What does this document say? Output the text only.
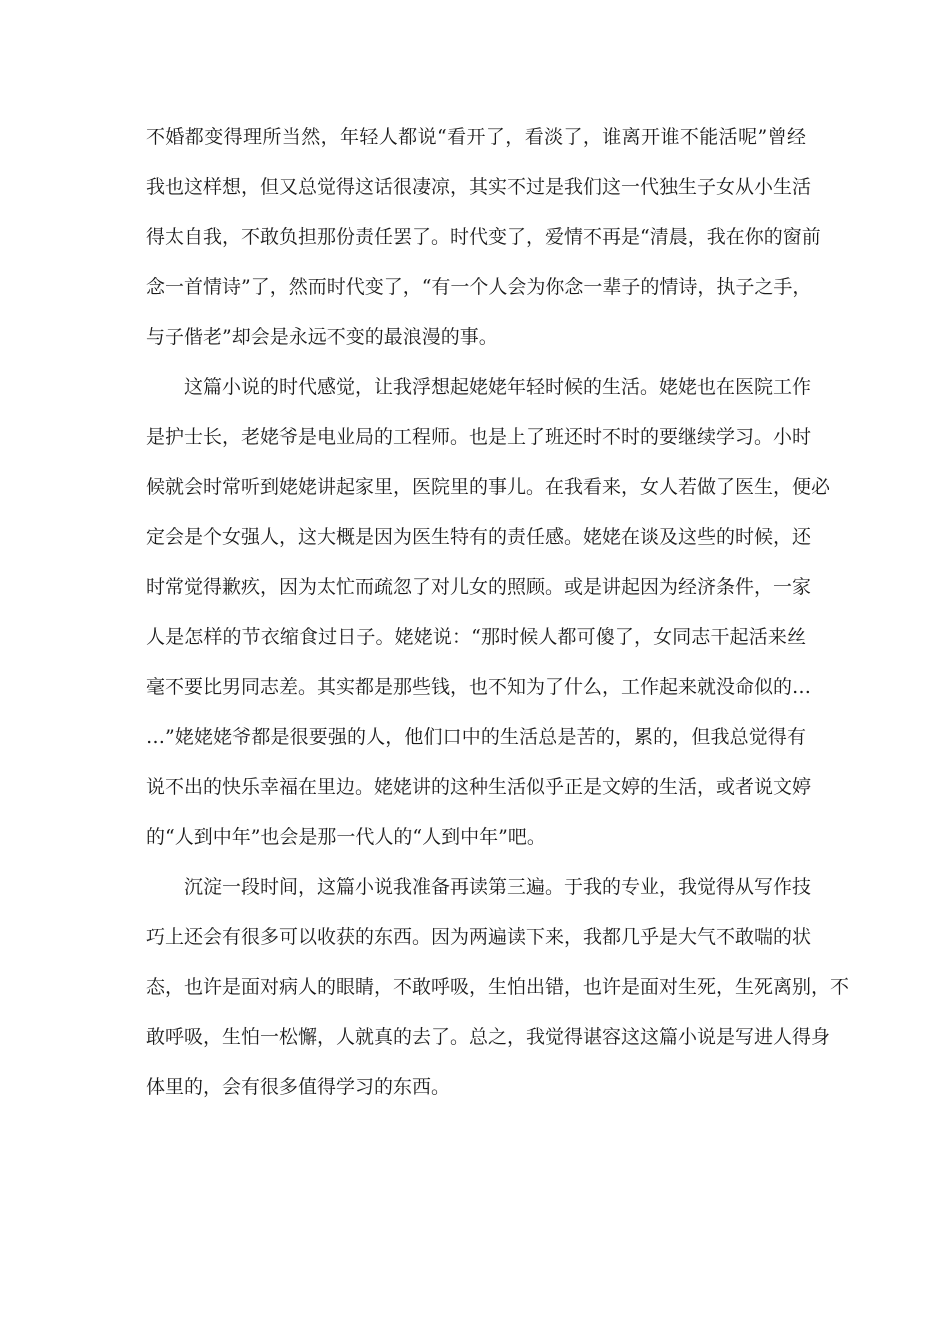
不婚都变得理所当然，年轻人都说“看开了，看淡了，谁离开谁不能活呢”曾经
我也这样想，但又总觉得这话很凄凉，其实不过是我们这一代独生子女从小生活
得太自我，不敢负担那份责任罢了。时代变了，爱情不再是“清晨，我在你的窗前
念一首情诗”了，然而时代变了，“有一个人会为你念一辈子的情诗，执子之手，
与子偕老”却会是永远不变的最浪漫的事。
这篇小说的时代感觉，让我浮想起姥姥年轻时候的生活。姥姥也在医院工作
是护士长，老姥爷是电业局的工程师。也是上了班还时不时的要继续学习。小时
候就会时常听到姥姥讲起家里，医院里的事儿。在我看来，女人若做了医生，便必
定会是个女强人，这大概是因为医生特有的责任感。姥姥在谈及这些的时候，还
时常觉得歉疚，因为太忙而疏忽了对儿女的照顾。或是讲起因为经济条件，一家
人是怎样的节衣缩食过日子。姥姥说：“那时候人都可傻了，女同志干起活来丝
毫不要比男同志差。其实都是那些钱，也不知为了什么，工作起来就没命似的…
…”姥姥姥爷都是很要强的人，他们口中的生活总是苦的，累的，但我总觉得有
说不出的快乐幸福在里边。姥姥讲的这种生活似乎正是文婷的生活，或者说文婷
的“人到中年”也会是那一代人的“人到中年”吧。
沉淀一段时间，这篇小说我准备再读第三遍。于我的专业，我觉得从写作技
巧上还会有很多可以收获的东西。因为两遍读下来，我都几乎是大气不敢喘的状
态，也许是面对病人的眼睛，不敢呼吸，生怕出错，也许是面对生死，生死离别，不
敢呼吸，生怕一松懈，人就真的去了。总之，我觉得谌容这这篇小说是写进人得身
体里的，会有很多值得学习的东西。
